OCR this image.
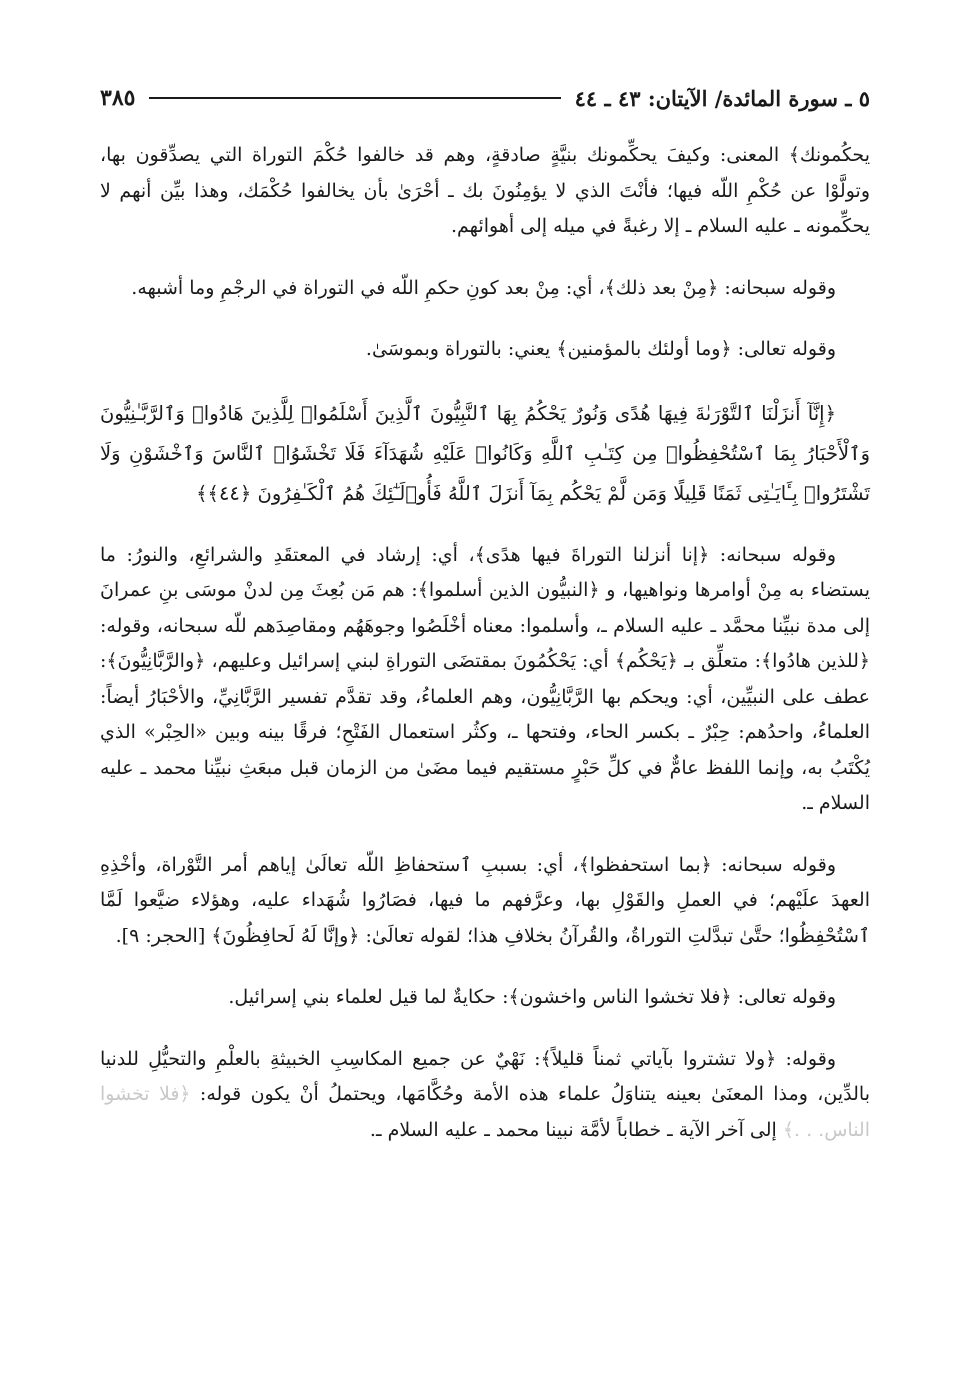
٥ ـ سورة المائدة/ الآيتان: ٤٣ ـ ٤٤
٣٨٥

يحكُمونك﴾ المعنى: وكيفَ يحكِّمونك بنيَّةٍ صادقةٍ، وهم قد خالفوا حُكْمَ التوراة التي يصدِّقون بها، وتولَّوْا عن حُكْمِ اللّه فيها؛ فأنْتَ الذي لا يؤمِنُونَ بك ـ أحْرَىٰ بأن يخالفوا حُكْمَك، وهذا بيِّن أنهم لا يحكِّمونه ـ عليه السلام ـ إلا رغبةً في ميله إلى أهوائهم.

وقوله سبحانه: ﴿مِنْ بعد ذلك﴾، أي: مِنْ بعد كونِ حكمِ اللّه في التوراة في الرجْمِ وما أشبهه.

وقوله تعالى: ﴿وما أولئك بالمؤمنين﴾ يعني: بالتوراة وبموسَىٰ.

﴿إِنَّآ أَنزَلْنَا ٱلتَّوْرَىٰةَ فِيهَا هُدًى وَنُورٌ يَحْكُمُ بِهَا ٱلنَّبِيُّونَ ٱلَّذِينَ أَسْلَمُوا۟ لِلَّذِينَ هَادُوا۟ وَٱلرَّبَّـٰنِيُّونَ وَٱلْأَحْبَارُ بِمَا ٱسْتُحْفِظُوا۟ مِن كِتَـٰبِ ٱللَّهِ وَكَانُوا۟ عَلَيْهِ شُهَدَآءَ فَلَا تَخْشَوُا۟ ٱلنَّاسَ وَٱخْشَوْنِ وَلَا تَشْتَرُوا۟ بِـَٔايَـٰتِى ثَمَنًا قَلِيلًا وَمَن لَّمْ يَحْكُم بِمَآ أَنزَلَ ٱللَّهُ فَأُو۟لَـٰٓئِكَ هُمُ ٱلْكَـٰفِرُونَ ﴿٤٤﴾﴾

وقوله سبحانه: ﴿إنا أنزلنا التوراةَ فيها هدًى﴾، أي: إرشاد في المعتقَدِ والشرائعِ، والنورُ: ما يستضاء به مِنْ أوامرها ونواهيها، و ﴿النبيُّون الذين أسلموا﴾: هم مَن بُعِثَ مِن لدنْ موسَى بنِ عمرانَ إلى مدة نبيِّنا محمَّد ـ عليه السلام ـ، وأسلموا: معناه أخْلَصُوا وجوهَهُم ومقاصِدَهم للّه سبحانه، وقوله: ﴿للذين هادُوا﴾: متعلِّق بـ ﴿يَحْكُم﴾ أي: يَحْكُمُونَ بمقتضَى التوراةِ لبني إسرائيل وعليهم، ﴿والرَّبَّانِيُّونَ﴾: عطف على النبيِّين، أي: ويحكم بها الرَّبَّانِيُّون، وهم العلماءُ، وقد تقدَّم تفسير الرَّبَّانِيِّ، والأحْبَارُ أيضاً: العلماءُ، واحدُهم: حِبْرٌ ـ بكسر الحاء، وفتحها ـ، وكثُر استعمال الفَتْحِ؛ فرقًا بينه وبين «الحِبْر» الذي يُكْتَبُ به، وإنما اللفظ عامٌّ في كلِّ حَبْرٍ مستقيم فيما مضَىٰ من الزمان قبل مبعَثِ نبيِّنا محمد ـ عليه السلام ـ.

وقوله سبحانه: ﴿بما استحفظوا﴾، أي: بسببِ ٱستحفاظِ اللّه تعالَىٰ إياهم أمر التَّوْراة، وأخْذِهِ العهدَ علَيْهم؛ في العملِ والقَوْلِ بها، وعرَّفهم ما فيها، فصَارُوا شُهَداء عليه، وهؤلاء ضيَّعوا لَمَّا ٱسْتُحْفِظُوا؛ حتَّىٰ تبدَّلتِ التوراةُ، والقُرآنُ بخلافِ هذا؛ لقوله تعالَىٰ: ﴿وإنَّا لَهُ لَحافِظُونَ﴾ [الحجر: ٩].

وقوله تعالى: ﴿فلا تخشوا الناس واخشون﴾: حكايةٌ لما قيل لعلماء بني إسرائيل.

وقوله: ﴿ولا تشتروا بآياتي ثمناً قليلاً﴾: نَهْيٌ عن جميع المكاسِبِ الخبيثةِ بالعلْمِ والتحيُّلِ للدنيا بالدِّين، ومذا المعنَىٰ بعينه يتناوَلُ علماء هذه الأمة وحُكَّامَها، ويحتملُ أنْ يكون قوله: ﴿فلا تخشوا الناس. . .﴾ إلى آخر الآية ـ خطاباً لأمَّة نبينا محمد ـ عليه السلام ـ.
